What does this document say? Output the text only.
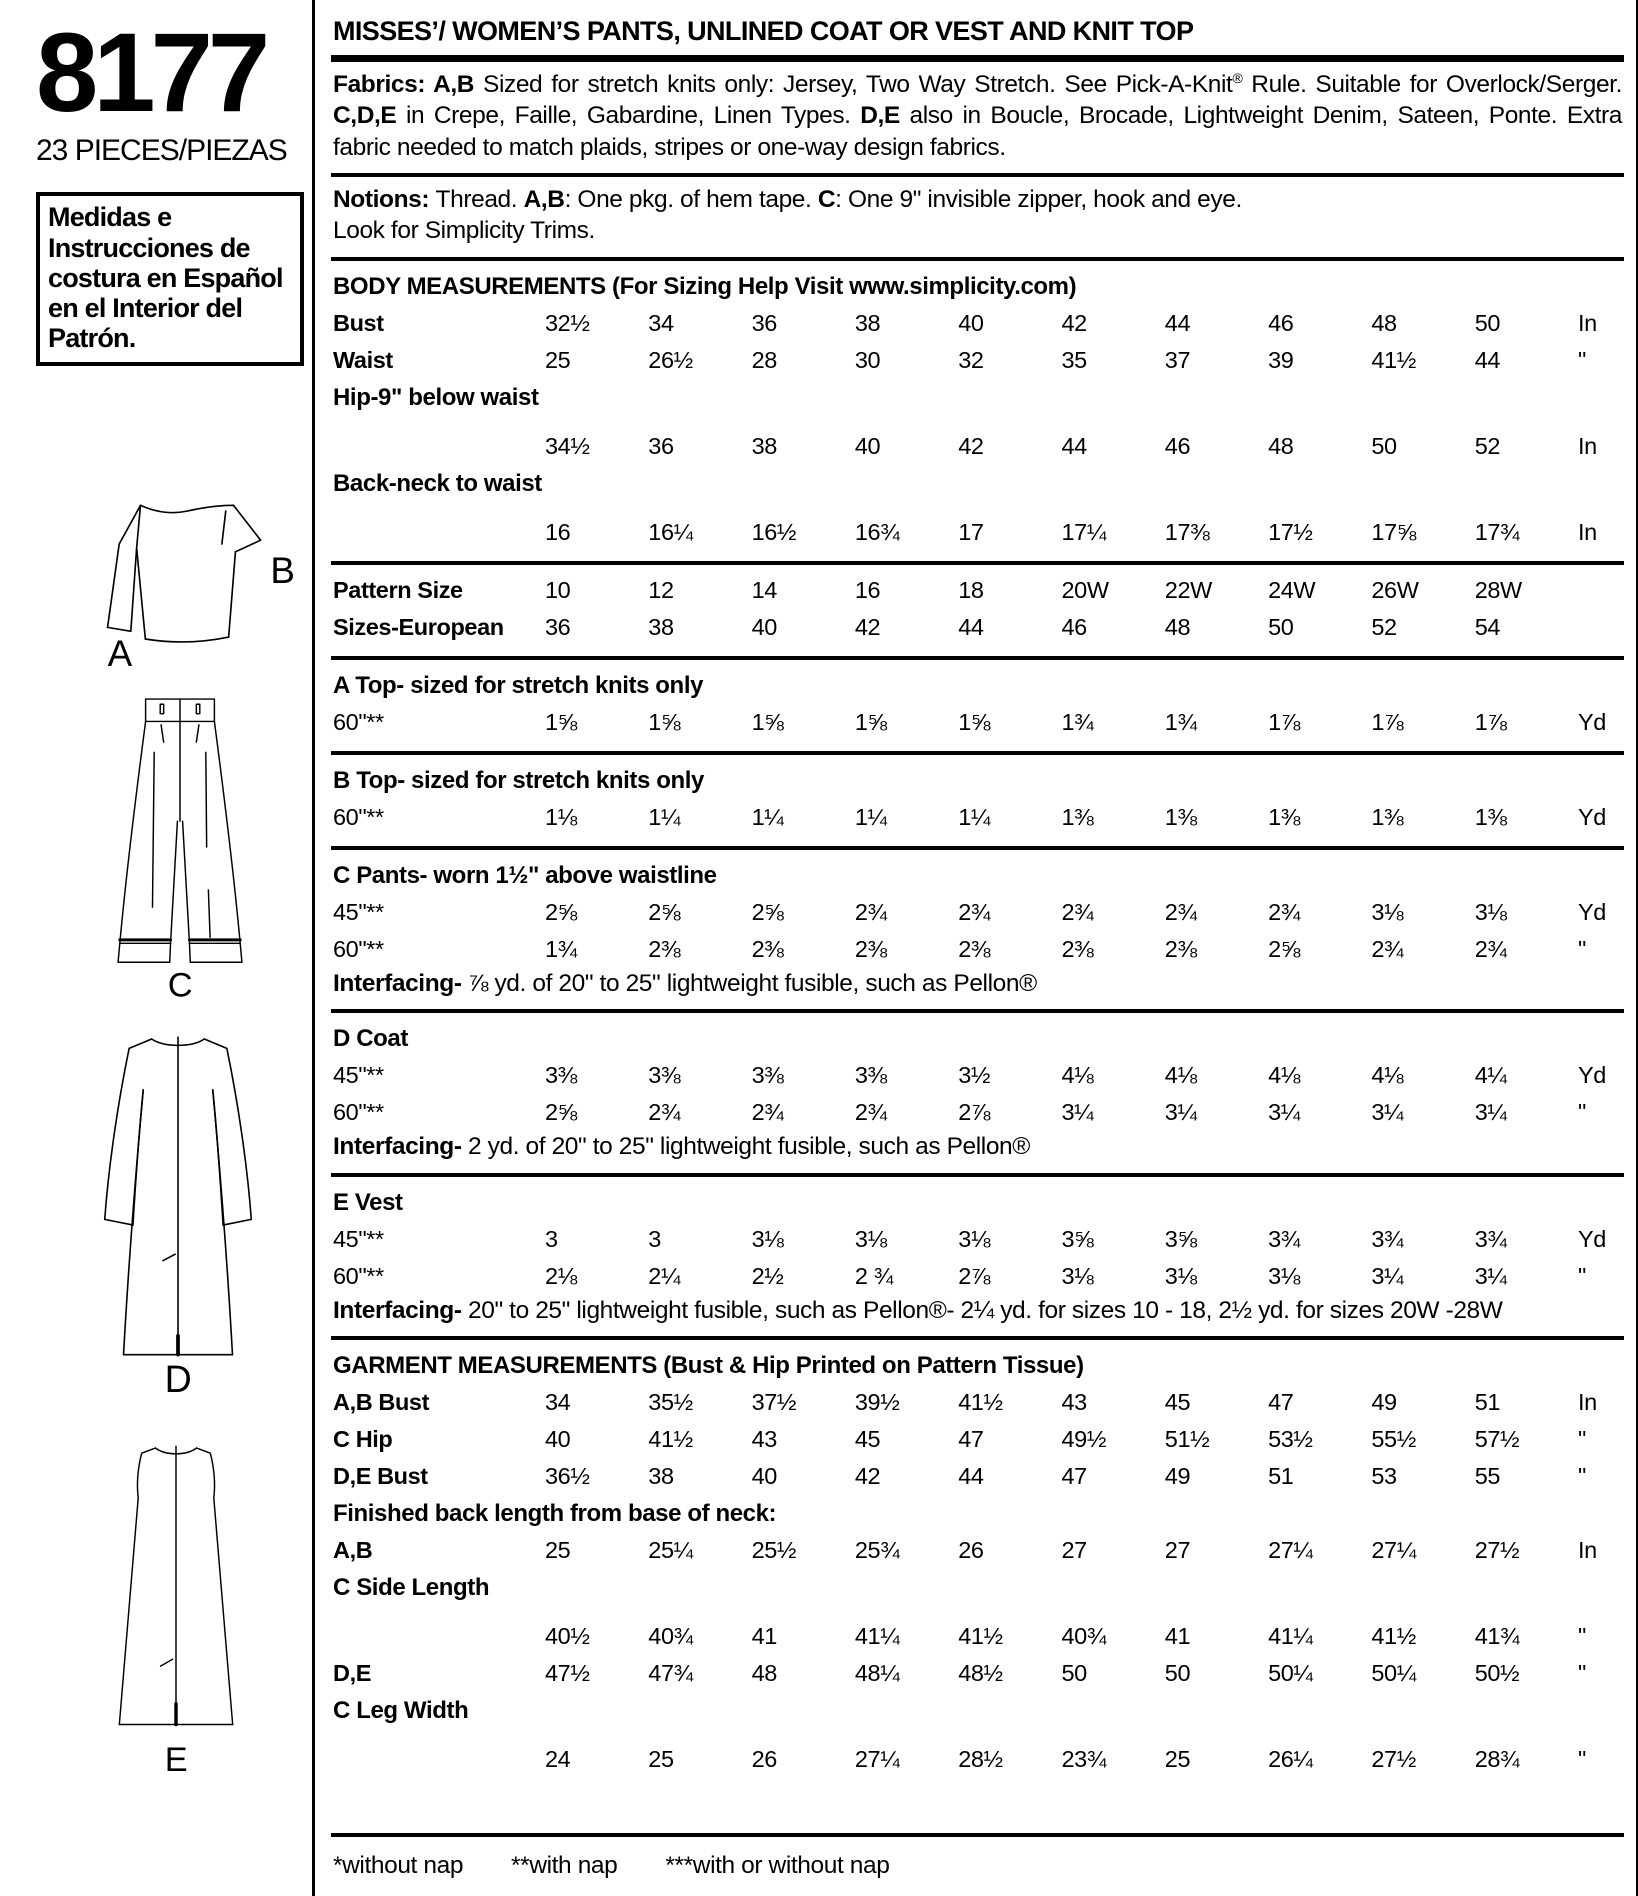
8177
23 PIECES/PIEZAS
Medidas e Instrucciones de costura en Español en el Interior del Patrón.
A
B
C
D
E
MISSES’/ WOMEN’S PANTS, UNLINED COAT OR VEST AND KNIT TOP
Fabrics: A,B Sized for stretch knits only: Jersey, Two Way Stretch. See Pick-A-Knit® Rule. Suitable for Overlock/Serger. C,D,E in Crepe, Faille, Gabardine, Linen Types. D,E also in Boucle, Brocade, Lightweight Denim, Sateen, Ponte. Extra fabric needed to match plaids, stripes or one-way design fabrics.
Notions: Thread. A,B: One pkg. of hem tape. C: One 9" invisible zipper, hook and eye.
Look for Simplicity Trims.
BODY MEASUREMENTS (For Sizing Help Visit www.simplicity.com)
Bust	32½	34	36	38	40	42	44	46	48	50	In
Waist	25	26½	28	30	32	35	37	39	41½	44	"
Hip-9" below waist
34½	36	38	40	42	44	46	48	50	52	In
Back-neck to waist
16	16¼	16½	16¾	17	17¼	17⅜	17½	17⅝	17¾	In
Pattern Size	10	12	14	16	18	20W	22W	24W	26W	28W
Sizes-European	36	38	40	42	44	46	48	50	52	54
A Top- sized for stretch knits only
60"**	1⅝	1⅝	1⅝	1⅝	1⅝	1¾	1¾	1⅞	1⅞	1⅞	Yd
B Top- sized for stretch knits only
60"**	1⅛	1¼	1¼	1¼	1¼	1⅜	1⅜	1⅜	1⅜	1⅜	Yd
C Pants- worn 1½" above waistline
45"**	2⅝	2⅝	2⅝	2¾	2¾	2¾	2¾	2¾	3⅛	3⅛	Yd
60"**	1¾	2⅜	2⅜	2⅜	2⅜	2⅜	2⅜	2⅝	2¾	2¾	"
Interfacing- ⅞ yd. of 20" to 25" lightweight fusible, such as Pellon®
D Coat
45"**	3⅜	3⅜	3⅜	3⅜	3½	4⅛	4⅛	4⅛	4⅛	4¼	Yd
60"**	2⅝	2¾	2¾	2¾	2⅞	3¼	3¼	3¼	3¼	3¼	"
Interfacing- 2 yd. of 20" to 25" lightweight fusible, such as Pellon®
E Vest
45"**	3	3	3⅛	3⅛	3⅛	3⅝	3⅝	3¾	3¾	3¾	Yd
60"**	2⅛	2¼	2½	2 ¾	2⅞	3⅛	3⅛	3⅛	3¼	3¼	"
Interfacing- 20" to 25" lightweight fusible, such as Pellon®- 2¼ yd. for sizes 10 - 18, 2½ yd. for sizes 20W -28W
GARMENT MEASUREMENTS (Bust & Hip Printed on Pattern Tissue)
A,B Bust	34	35½	37½	39½	41½	43	45	47	49	51	In
C Hip	40	41½	43	45	47	49½	51½	53½	55½	57½	"
D,E Bust	36½	38	40	42	44	47	49	51	53	55	"
Finished back length from base of neck:
A,B	25	25¼	25½	25¾	26	27	27	27¼	27¼	27½	In
C Side Length
40½	40¾	41	41¼	41½	40¾	41	41¼	41½	41¾	"
D,E	47½	47¾	48	48¼	48½	50	50	50¼	50¼	50½	"
C Leg Width
24	25	26	27¼	28½	23¾	25	26¼	27½	28¾	"
*without nap **with nap ***with or without nap
